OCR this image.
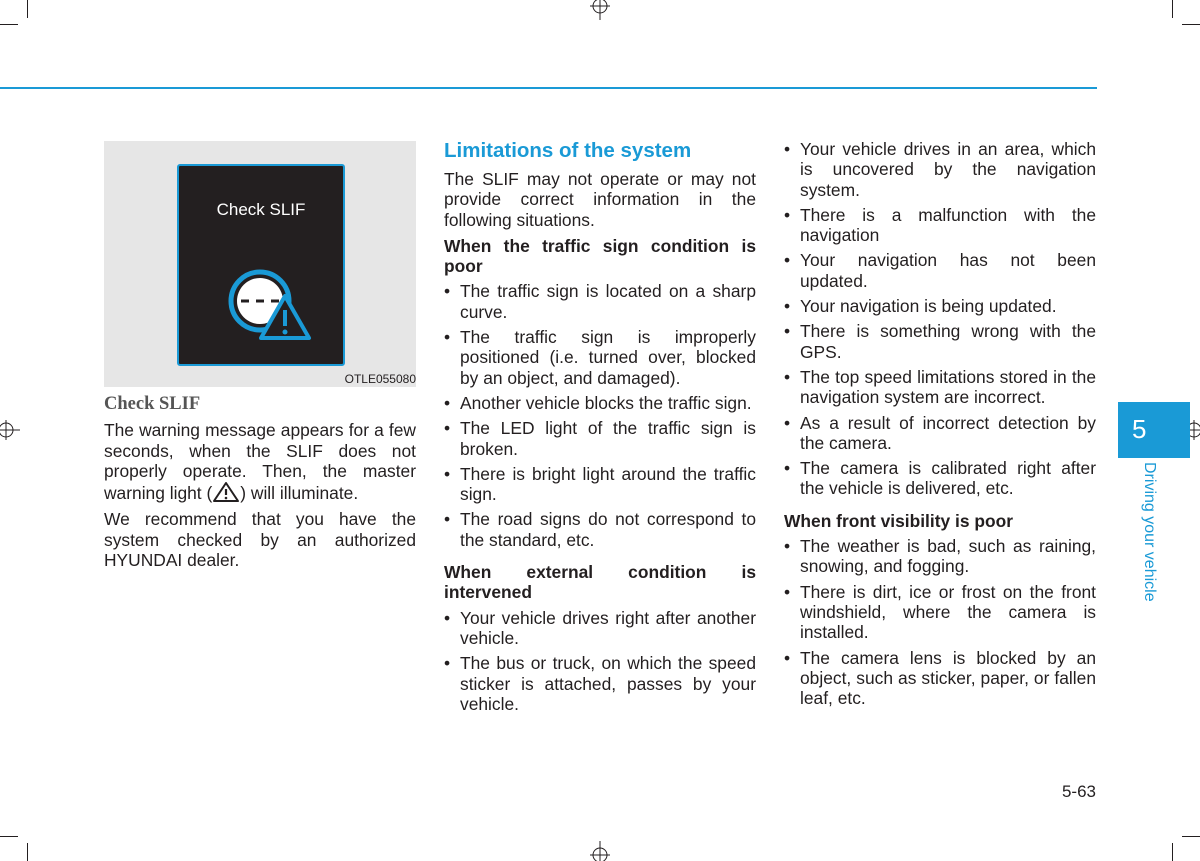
Check SLIF
OTLE055080
Check SLIF

The warning message appears for a few seconds, when the SLIF does not properly operate. Then, the master warning light ( ) will illuminate.

We recommend that you have the system checked by an authorized HYUNDAI dealer.

Limitations of the system

The SLIF may not operate or may not provide correct information in the following situations.

When the traffic sign condition is poor
• The traffic sign is located on a sharp curve.
• The traffic sign is improperly positioned (i.e. turned over, blocked by an object, and damaged).
• Another vehicle blocks the traffic sign.
• The LED light of the traffic sign is broken.
• There is bright light around the traffic sign.
• The road signs do not correspond to the standard, etc.
When external condition is intervened
• Your vehicle drives right after another vehicle.
• The bus or truck, on which the speed sticker is attached, passes by your vehicle.
• Your vehicle drives in an area, which is uncovered by the navigation system.
• There is a malfunction with the navigation
• Your navigation has not been updated.
• Your navigation is being updated.
• There is something wrong with the GPS.
• The top speed limitations stored in the navigation system are incorrect.
• As a result of incorrect detection by the camera.
• The camera is calibrated right after the vehicle is delivered, etc.
When front visibility is poor
• The weather is bad, such as raining, snowing, and fogging.
• There is dirt, ice or frost on the front windshield, where the camera is installed.
• The camera lens is blocked by an object, such as sticker, paper, or fallen leaf, etc.
5
Driving your vehicle
5-63
